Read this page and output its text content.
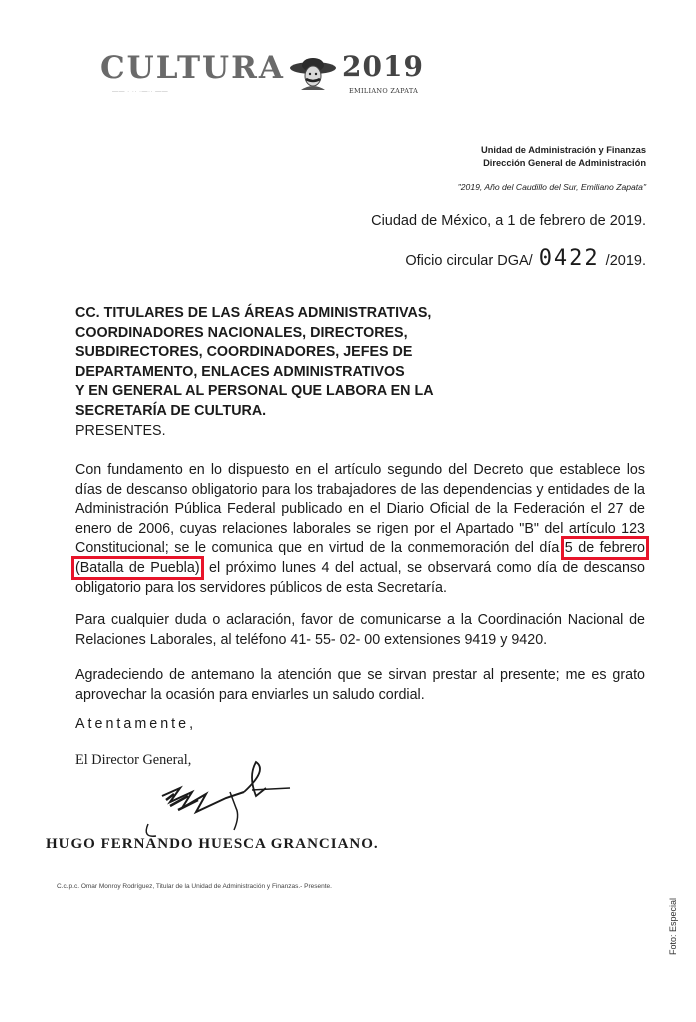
CULTURA
—— · ·· ·—·· ——
2019
EMILIANO ZAPATA
Unidad de Administración y Finanzas
Dirección General de Administración
"2019, Año del Caudillo del Sur, Emiliano Zapata"
Ciudad de México, a 1 de febrero de 2019.
Oficio circular DGA/ 0422 /2019.
CC. TITULARES DE LAS ÁREAS ADMINISTRATIVAS,
COORDINADORES NACIONALES, DIRECTORES,
SUBDIRECTORES, COORDINADORES, JEFES DE
DEPARTAMENTO, ENLACES ADMINISTRATIVOS
Y EN GENERAL AL PERSONAL QUE LABORA EN LA
SECRETARÍA DE CULTURA.
PRESENTES.
Con fundamento en lo dispuesto en el artículo segundo del Decreto que establece los días de descanso obligatorio para los trabajadores de las dependencias y entidades de la Administración Pública Federal publicado en el Diario Oficial de la Federación el 27 de enero de 2006, cuyas relaciones laborales se rigen por el Apartado "B" del artículo 123 Constitucional; se le comunica que en virtud de la conmemoración del día 5 de febrero (Batalla de Puebla), el próximo lunes 4 del actual, se observará como día de descanso obligatorio para los servidores públicos de esta Secretaría.
Para cualquier duda o aclaración, favor de comunicarse a la Coordinación Nacional de Relaciones Laborales, al teléfono 41- 55- 02- 00 extensiones 9419 y 9420.
Agradeciendo de antemano la atención que se sirvan prestar al presente; me es grato aprovechar la ocasión para enviarles un saludo cordial.
Atentamente,
El Director General,
HUGO FERNANDO HUESCA GRANCIANO.
C.c.p.c. Omar Monroy Rodríguez, Titular de la Unidad de Administración y Finanzas.- Presente.
Foto: Especial
